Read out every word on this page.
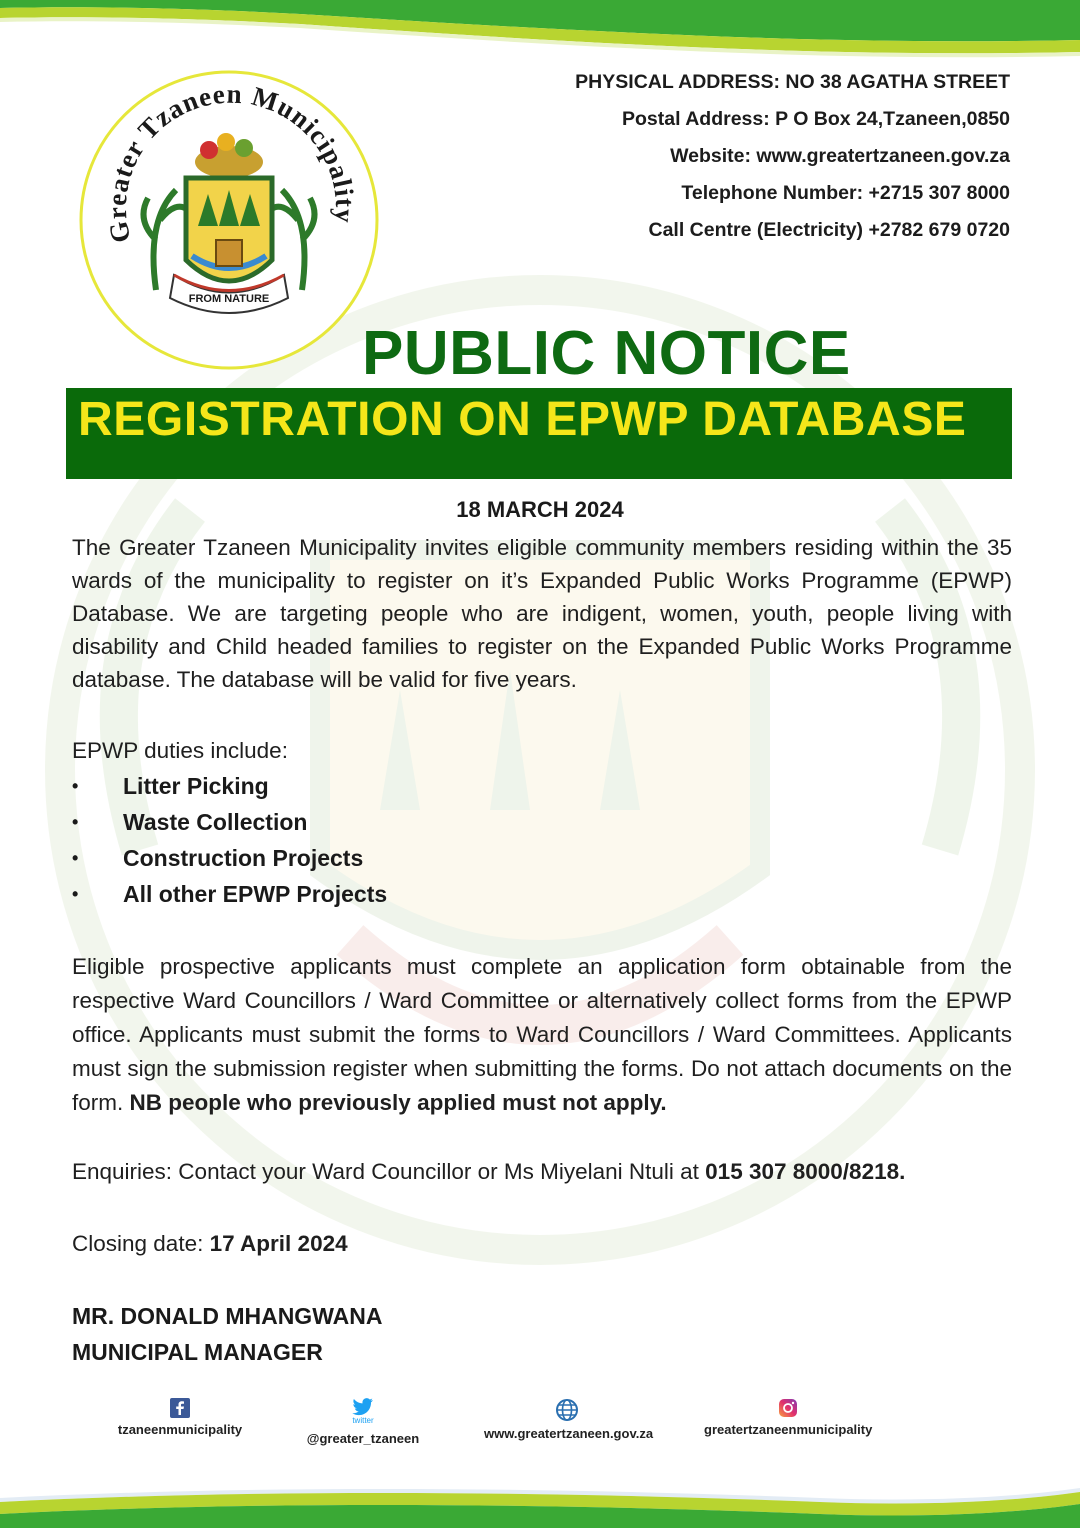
Greater Tzaneen Municipality
FROM NATURE
PHYSICAL ADDRESS: NO 38 AGATHA STREET
Postal Address: P O Box 24,Tzaneen,0850
Website: www.greatertzaneen.gov.za
Telephone Number: +2715 307 8000
Call Centre (Electricity) +2782 679 0720
PUBLIC NOTICE
REGISTRATION ON EPWP DATABASE
18 MARCH 2024
The Greater Tzaneen Municipality invites eligible community members residing within the 35 wards of the municipality to register on it’s Expanded Public Works Programme (EPWP) Database. We are targeting people who are indigent, women, youth, people living with disability and Child headed families to register on the Expanded Public Works Programme database. The database will be valid for five years.
EPWP duties include:
• Litter Picking
• Waste Collection
• Construction Projects
• All other EPWP Projects
Eligible prospective applicants must complete an application form obtainable from the respective Ward Councillors / Ward Committee or alternatively collect forms from the EPWP office. Applicants must submit the forms to Ward Councillors / Ward Committees. Applicants must sign the submission register when submitting the forms. Do not attach documents on the form. NB people who previously applied must not apply.
Enquiries: Contact your Ward Councillor or Ms Miyelani Ntuli at 015 307 8000/8218.
Closing date: 17 April 2024
MR. DONALD MHANGWANA
MUNICIPAL MANAGER
tzaneenmunicipality
twitter
@greater_tzaneen	www.greatertzaneen.gov.za	greatertzaneenmunicipality
